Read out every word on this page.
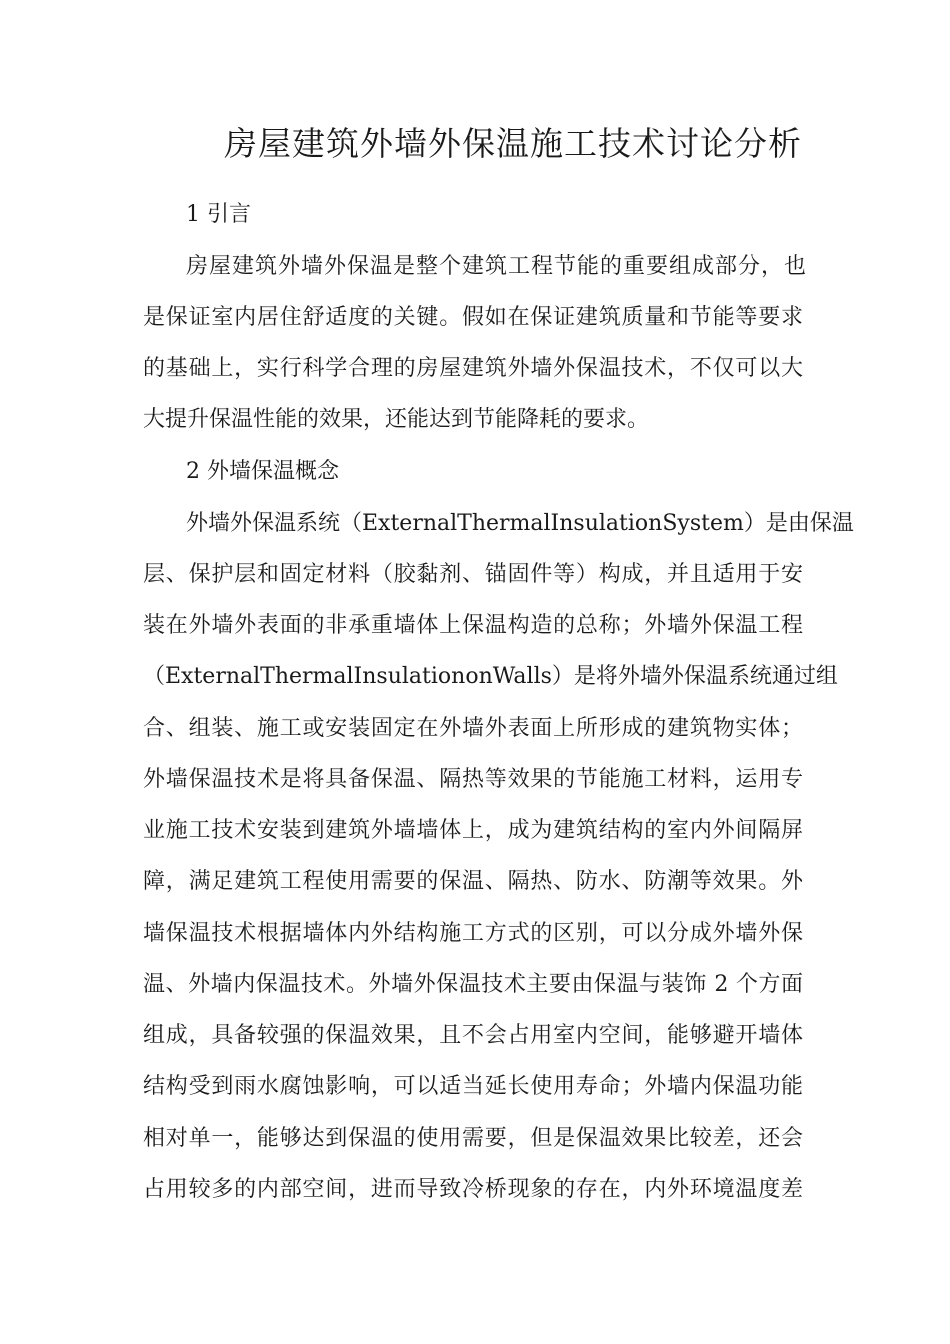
房屋建筑外墙外保温施工技术讨论分析

1 引言

房屋建筑外墙外保温是整个建筑工程节能的重要组成部分，也

是保证室内居住舒适度的关键。假如在保证建筑质量和节能等要求

的基础上，实行科学合理的房屋建筑外墙外保温技术，不仅可以大

大提升保温性能的效果，还能达到节能降耗的要求。

2 外墙保温概念

外墙外保温系统（ExternalThermalInsulationSystem）是由保温

层、保护层和固定材料（胶黏剂、锚固件等）构成，并且适用于安

装在外墙外表面的非承重墙体上保温构造的总称；外墙外保温工程

（ExternalThermalInsulationonWalls）是将外墙外保温系统通过组

合、组装、施工或安装固定在外墙外表面上所形成的建筑物实体；

外墙保温技术是将具备保温、隔热等效果的节能施工材料，运用专

业施工技术安装到建筑外墙墙体上，成为建筑结构的室内外间隔屏

障，满足建筑工程使用需要的保温、隔热、防水、防潮等效果。外

墙保温技术根据墙体内外结构施工方式的区别，可以分成外墙外保

温、外墙内保温技术。外墙外保温技术主要由保温与装饰 2 个方面

组成，具备较强的保温效果，且不会占用室内空间，能够避开墙体

结构受到雨水腐蚀影响，可以适当延长使用寿命；外墙内保温功能

相对单一，能够达到保温的使用需要，但是保温效果比较差，还会

占用较多的内部空间，进而导致冷桥现象的存在，内外环境温度差
